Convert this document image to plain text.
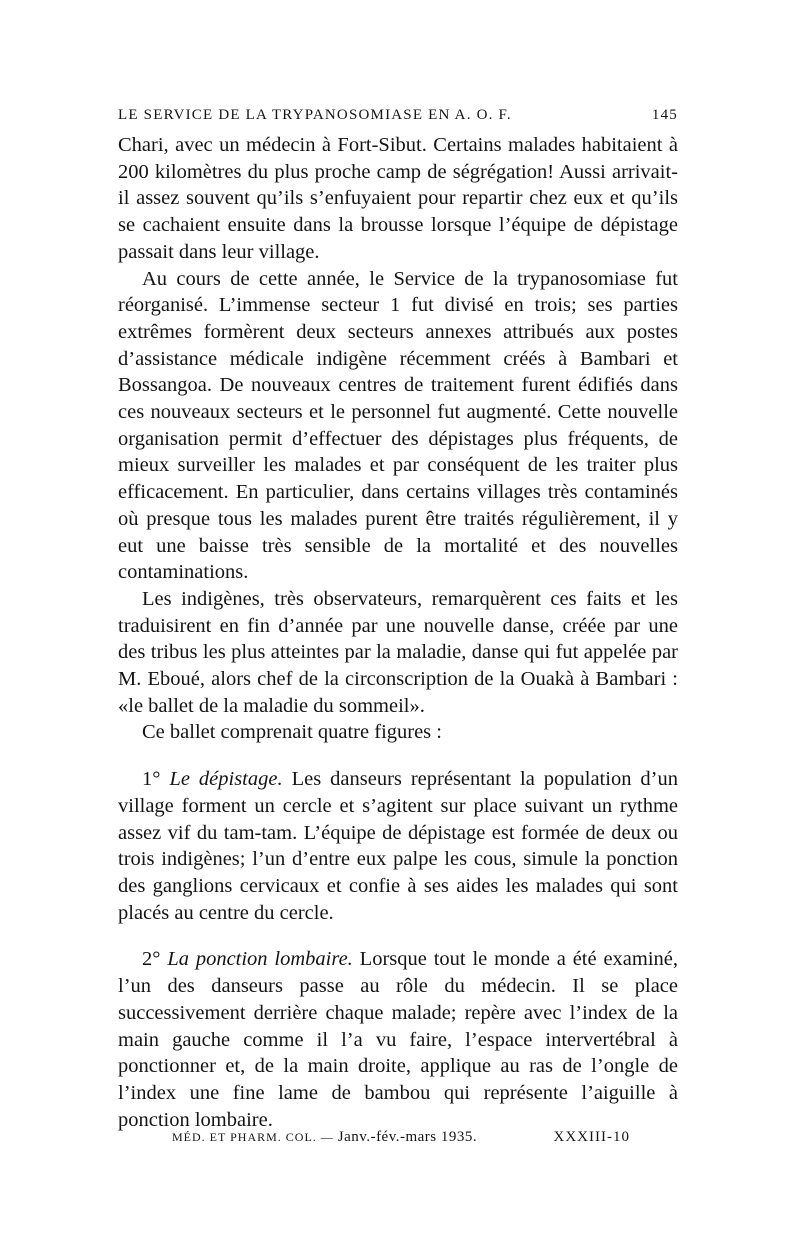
LE SERVICE DE LA TRYPANOSOMIASE EN A. O. F.	145

Chari, avec un médecin à Fort-Sibut. Certains malades habitaient à 200 kilomètres du plus proche camp de ségrégation! Aussi arrivait-il assez souvent qu’ils s’enfuyaient pour repartir chez eux et qu’ils se cachaient ensuite dans la brousse lorsque l’équipe de dépistage passait dans leur village.

Au cours de cette année, le Service de la trypanosomiase fut réorganisé. L’immense secteur 1 fut divisé en trois; ses parties extrêmes formèrent deux secteurs annexes attribués aux postes d’assistance médicale indigène récemment créés à Bambari et Bossangoa. De nouveaux centres de traitement furent édifiés dans ces nouveaux secteurs et le personnel fut augmenté. Cette nouvelle organisation permit d’effectuer des dépistages plus fréquents, de mieux surveiller les malades et par conséquent de les traiter plus efficacement. En particulier, dans certains villages très contaminés où presque tous les malades purent être traités régulièrement, il y eut une baisse très sensible de la mortalité et des nouvelles contaminations.

Les indigènes, très observateurs, remarquèrent ces faits et les traduisirent en fin d’année par une nouvelle danse, créée par une des tribus les plus atteintes par la maladie, danse qui fut appelée par M. Eboué, alors chef de la circonscription de la Ouakà à Bambari : «le ballet de la maladie du sommeil».

Ce ballet comprenait quatre figures :

1° Le dépistage. Les danseurs représentant la population d’un village forment un cercle et s’agitent sur place suivant un rythme assez vif du tam-tam. L’équipe de dépistage est formée de deux ou trois indigènes; l’un d’entre eux palpe les cous, simule la ponction des ganglions cervicaux et confie à ses aides les malades qui sont placés au centre du cercle.

2° La ponction lombaire. Lorsque tout le monde a été examiné, l’un des danseurs passe au rôle du médecin. Il se place successivement derrière chaque malade; repère avec l’index de la main gauche comme il l’a vu faire, l’espace intervertébral à ponctionner et, de la main droite, applique au ras de l’ongle de l’index une fine lame de bambou qui représente l’aiguille à ponction lombaire.

MÉD. ET PHARM. COL. — Janv.-fév.-mars 1935.	XXXIII-10
